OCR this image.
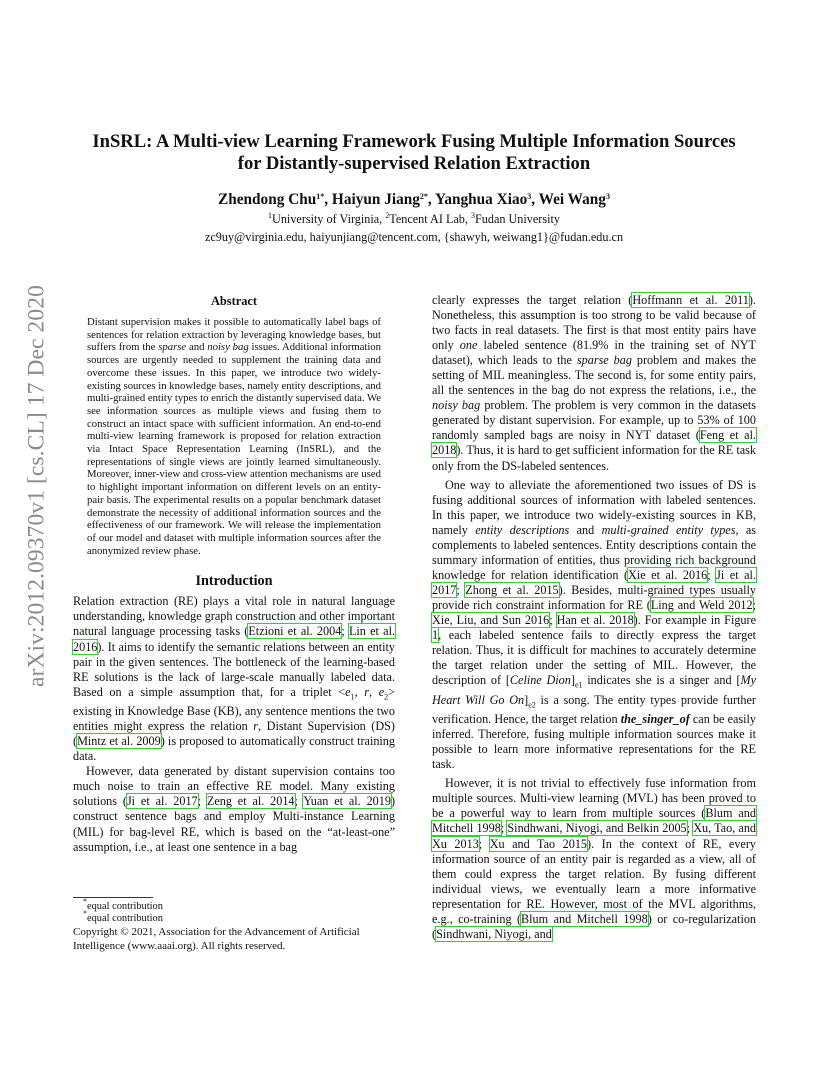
arXiv:2012.09370v1 [cs.CL] 17 Dec 2020
InSRL: A Multi-view Learning Framework Fusing Multiple Information Sources
for Distantly-supervised Relation Extraction
Zhendong Chu$^{1*}$, Haiyun Jiang$^{2*}$, Yanghua Xiao$^3$, Wei Wang$^3$
$^1$University of Virginia, $^2$Tencent AI Lab, $^3$Fudan University
zc9uy@virginia.edu, haiyunjiang@tencent.com, {shawyh, weiwang1}@fudan.edu.cn
Abstract

Distant supervision makes it possible to automatically label bags of sentences for relation extraction by leveraging knowledge bases, but suffers from the sparse and noisy bag issues. Additional information sources are urgently needed to supplement the training data and overcome these issues. In this paper, we introduce two widely-existing sources in knowledge bases, namely entity descriptions, and multi-grained entity types to enrich the distantly supervised data. We see information sources as multiple views and fusing them to construct an intact space with sufficient information. An end-to-end multi-view learning framework is proposed for relation extraction via Intact Space Representation Learning (InSRL), and the representations of single views are jointly learned simultaneously. Moreover, inner-view and cross-view attention mechanisms are used to highlight important information on different levels on an entity-pair basis. The experimental results on a popular benchmark dataset demonstrate the necessity of additional information sources and the effectiveness of our framework. We will release the implementation of our model and dataset with multiple information sources after the anonymized review phase.

Introduction

Relation extraction (RE) plays a vital role in natural language understanding, knowledge graph construction and other important natural language processing tasks (Etzioni et al. 2004; Lin et al. 2016). It aims to identify the semantic relations between an entity pair in the given sentences. The bottleneck of the learning-based RE solutions is the lack of large-scale manually labeled data. Based on a simple assumption that, for a triplet $<e_1$, r, $e_2>$ existing in Knowledge Base (KB), any sentence mentions the two entities might express the relation r, Distant Supervision (DS) (Mintz et al. 2009) is proposed to automatically construct training data.

However, data generated by distant supervision contains too much noise to train an effective RE model. Many existing solutions (Ji et al. 2017; Zeng et al. 2014; Yuan et al. 2019) construct sentence bags and employ Multi-instance Learning (MIL) for bag-level RE, which is based on the “at-least-one” assumption, i.e., at least one sentence in a bag

clearly expresses the target relation (Hoffmann et al. 2011). Nonetheless, this assumption is too strong to be valid because of two facts in real datasets. The first is that most entity pairs have only one labeled sentence (81.9% in the training set of NYT dataset), which leads to the sparse bag problem and makes the setting of MIL meaningless. The second is, for some entity pairs, all the sentences in the bag do not express the relations, i.e., the noisy bag problem. The problem is very common in the datasets generated by distant supervision. For example, up to 53% of 100 randomly sampled bags are noisy in NYT dataset (Feng et al. 2018). Thus, it is hard to get sufficient information for the RE task only from the DS-labeled sentences.

One way to alleviate the aforementioned two issues of DS is fusing additional sources of information with labeled sentences. In this paper, we introduce two widely-existing sources in KB, namely entity descriptions and multi-grained entity types, as complements to labeled sentences. Entity descriptions contain the summary information of entities, thus providing rich background knowledge for relation identification (Xie et al. 2016; Ji et al. 2017; Zhong et al. 2015). Besides, multi-grained types usually provide rich constraint information for RE (Ling and Weld 2012; Xie, Liu, and Sun 2016; Han et al. 2018). For example in Figure 1, each labeled sentence fails to directly express the target relation. Thus, it is difficult for machines to accurately determine the target relation under the setting of MIL. However, the description of [Celine $Dion]_{e1}$ indicates she is a singer and [My Heart Will Go $On]_{e2}$ is a song. The entity types provide further verification. Hence, the target relation the_singer_of can be easily inferred. Therefore, fusing multiple information sources make it possible to learn more informative representations for the RE task.

However, it is not trivial to effectively fuse information from multiple sources. Multi-view learning (MVL) has been proved to be a powerful way to learn from multiple sources (Blum and Mitchell 1998; Sindhwani, Niyogi, and Belkin 2005; Xu, Tao, and Xu 2013; Xu and Tao 2015). In the context of RE, every information source of an entity pair is regarded as a view, all of them could express the target relation. By fusing different individual views, we eventually learn a more informative representation for RE. However, most of the MVL algorithms, e.g., co-training (Blum and Mitchell 1998) or co-regularization (Sindhwani, Niyogi, and

*equal contribution
*equal contribution
Copyright © 2021, Association for the Advancement of Artificial Intelligence (www.aaai.org). All rights reserved.
